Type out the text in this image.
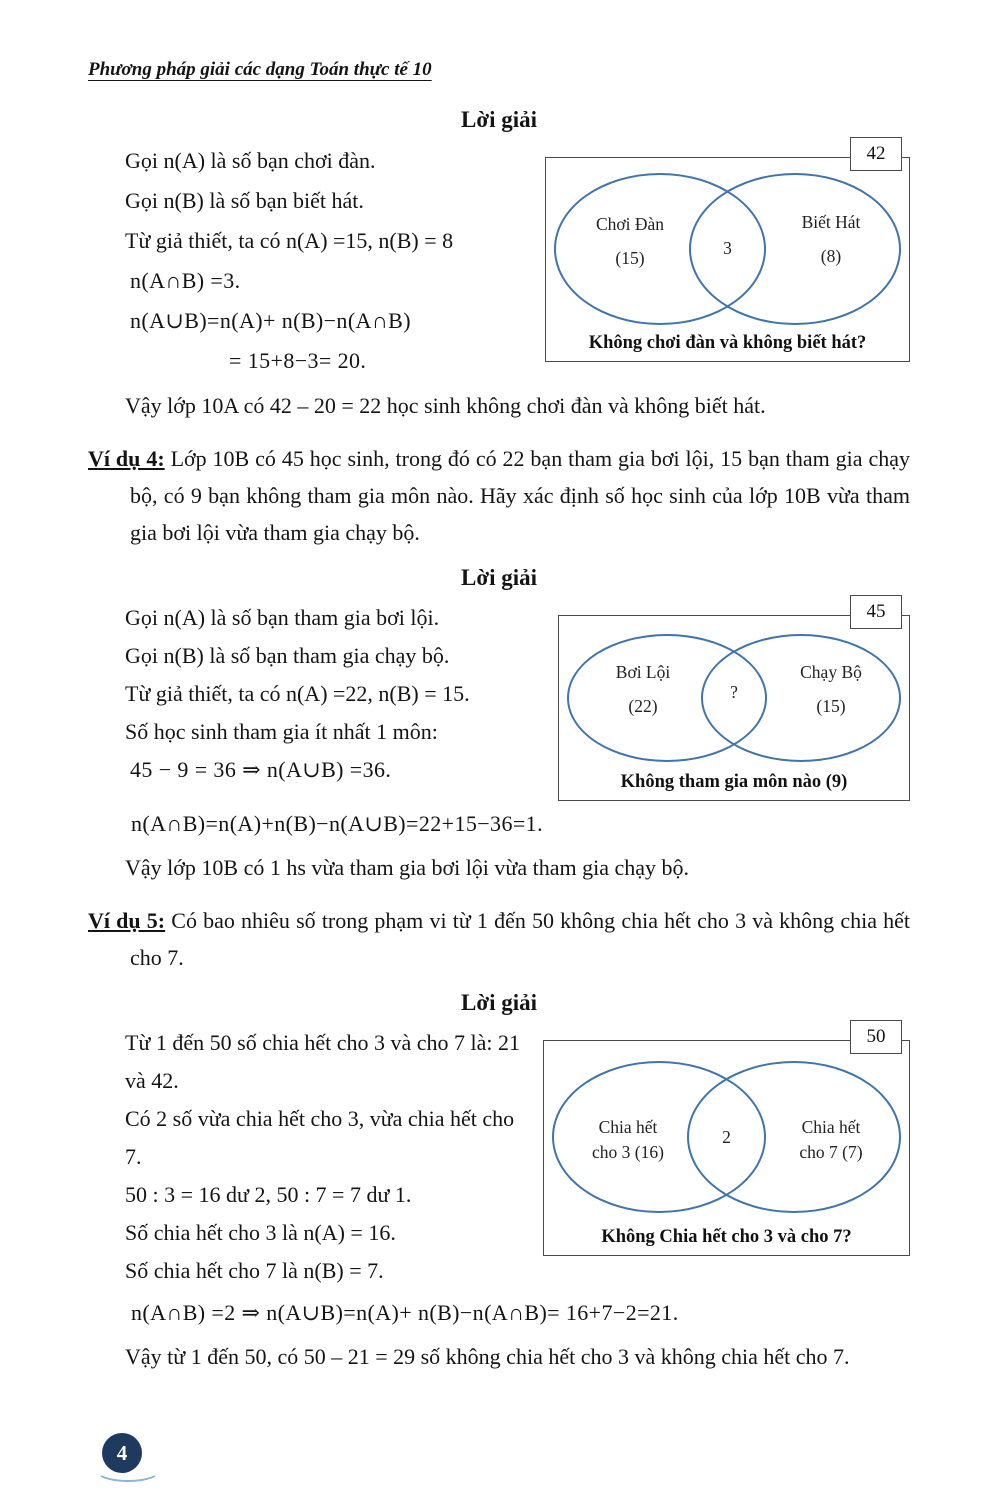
Phương pháp giải các dạng Toán thực tế 10
Lời giải
Gọi n(A) là số bạn chơi đàn.
Gọi n(B) là số bạn biết hát.
Từ giả thiết, ta có n(A) =15, n(B) = 8
n(A∩B) =3.
n(A∪B)=n(A)+ n(B)−n(A∩B)
= 15+8−3= 20.
42
Chơi Đàn
(15)	3
Biết Hát
(8)
Không chơi đàn và không biết hát?
Vậy lớp 10A có 42 – 20 = 22 học sinh không chơi đàn và không biết hát.

Ví dụ 4: Lớp 10B có 45 học sinh, trong đó có 22 bạn tham gia bơi lội, 15 bạn tham gia chạy bộ, có 9 bạn không tham gia môn nào. Hãy xác định số học sinh của lớp 10B vừa tham gia bơi lội vừa tham gia chạy bộ.

Lời giải
Gọi n(A) là số bạn tham gia bơi lội.
Gọi n(B) là số bạn tham gia chạy bộ.
Từ giả thiết, ta có n(A) =22, n(B) = 15.
Số học sinh tham gia ít nhất 1 môn:
45 − 9 = 36 ⇒ n(A∪B) =36.
45
Bơi Lội
(22)
?
Chạy Bộ
(15)
Không tham gia môn nào (9)
n(A∩B)=n(A)+n(B)−n(A∪B)=22+15−36=1.
Vậy lớp 10B có 1 hs vừa tham gia bơi lội vừa tham gia chạy bộ.

Ví dụ 5: Có bao nhiêu số trong phạm vi từ 1 đến 50 không chia hết cho 3 và không chia hết cho 7.

Lời giải

Từ 1 đến 50 số chia hết cho 3 và cho 7 là: 21 và 42.

Có 2 số vừa chia hết cho 3, vừa chia hết cho 7.

50 : 3 = 16 dư 2, 50 : 7 = 7 dư 1.
Số chia hết cho 3 là n(A) = 16.
Số chia hết cho 7 là n(B) = 7.
50
Chia hết
cho 3 (16)
2	Chia hết
cho 7 (7)
Không Chia hết cho 3 và cho 7?
n(A∩B) =2 ⇒ n(A∪B)=n(A)+ n(B)−n(A∩B)= 16+7−2=21.
Vậy từ 1 đến 50, có 50 – 21 = 29 số không chia hết cho 3 và không chia hết cho 7.
4
